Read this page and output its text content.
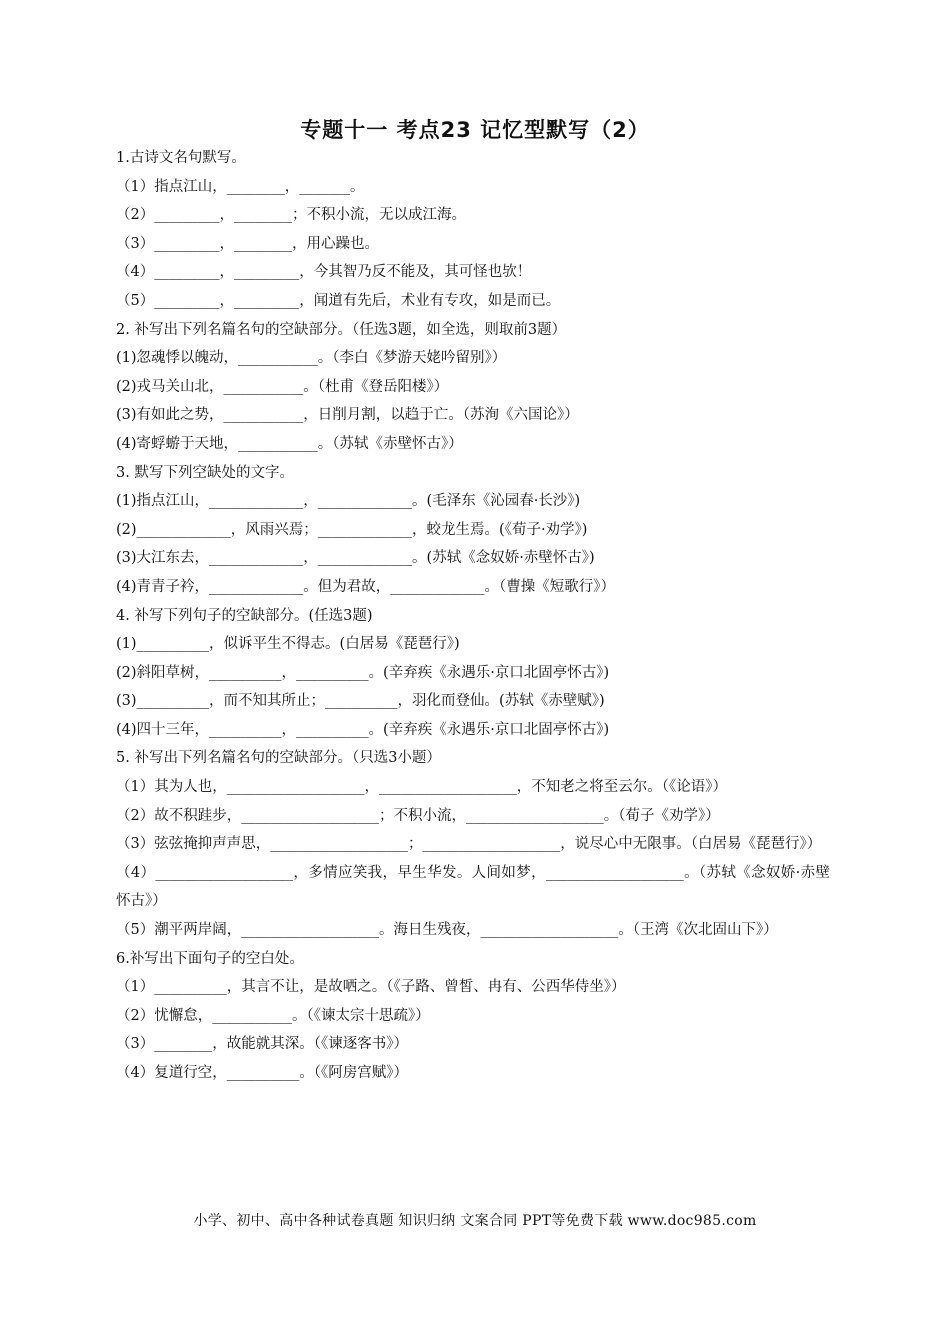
专题十一 考点23 记忆型默写（2）
1.古诗文名句默写。
（1）指点江山，________，_______。
（2）_________，________；不积小流，无以成江海。
（3）_________，________，用心躁也。
（4）_________，_________，今其智乃反不能及，其可怪也欤！
（5）_________，_________，闻道有先后，术业有专攻，如是而已。
2. 补写出下列名篇名句的空缺部分。（任选3题，如全选，则取前3题）
(1)忽魂悸以魄动，___________。（李白《梦游天姥吟留别》）
(2)戎马关山北，___________。（杜甫《登岳阳楼》）
(3)有如此之势，___________，日削月割，以趋于亡。（苏洵《六国论》）
(4)寄蜉蝣于天地，___________。（苏轼《赤壁怀古》）
3. 默写下列空缺处的文字。
(1)指点江山，_____________，_____________。(毛泽东《沁园春·长沙》)
(2)_____________，风雨兴焉；_____________，蛟龙生焉。(《荀子·劝学》)
(3)大江东去，_____________，_____________。(苏轼《念奴娇·赤壁怀古》)
(4)青青子衿，_____________。但为君故，_____________。（曹操《短歌行》）
4. 补写下列句子的空缺部分。(任选3题)
(1)__________，似诉平生不得志。(白居易《琵琶行》)
(2)斜阳草树，__________，__________。(辛弃疾《永遇乐·京口北固亭怀古》)
(3)__________，而不知其所止；__________，羽化而登仙。(苏轼《赤壁赋》)
(4)四十三年，__________，__________。(辛弃疾《永遇乐·京口北固亭怀古》)
5. 补写出下列名篇名句的空缺部分。（只选3小题）
（1）其为人也，___________________，___________________，不知老之将至云尔。（《论语》）
（2）故不积跬步，___________________；不积小流，___________________。（荀子《劝学》）
（3）弦弦掩抑声声思，___________________；___________________，说尽心中无限事。（白居易《琵琶行》）
（4）___________________，多情应笑我，早生华发。人间如梦，___________________。（苏轼《念奴娇·赤壁怀古》）
（5）潮平两岸阔，___________________。海日生残夜，___________________。（王湾《次北固山下》）
6.补写出下面句子的空白处。
（1）__________，其言不让，是故哂之。（《子路、曾皙、冉有、公西华侍坐》）
（2）忧懈怠，___________。（《谏太宗十思疏》）
（3）________，故能就其深。（《谏逐客书》）
（4）复道行空，__________。（《阿房宫赋》）
小学、初中、高中各种试卷真题 知识归纳 文案合同 PPT等免费下载 www.doc985.com
